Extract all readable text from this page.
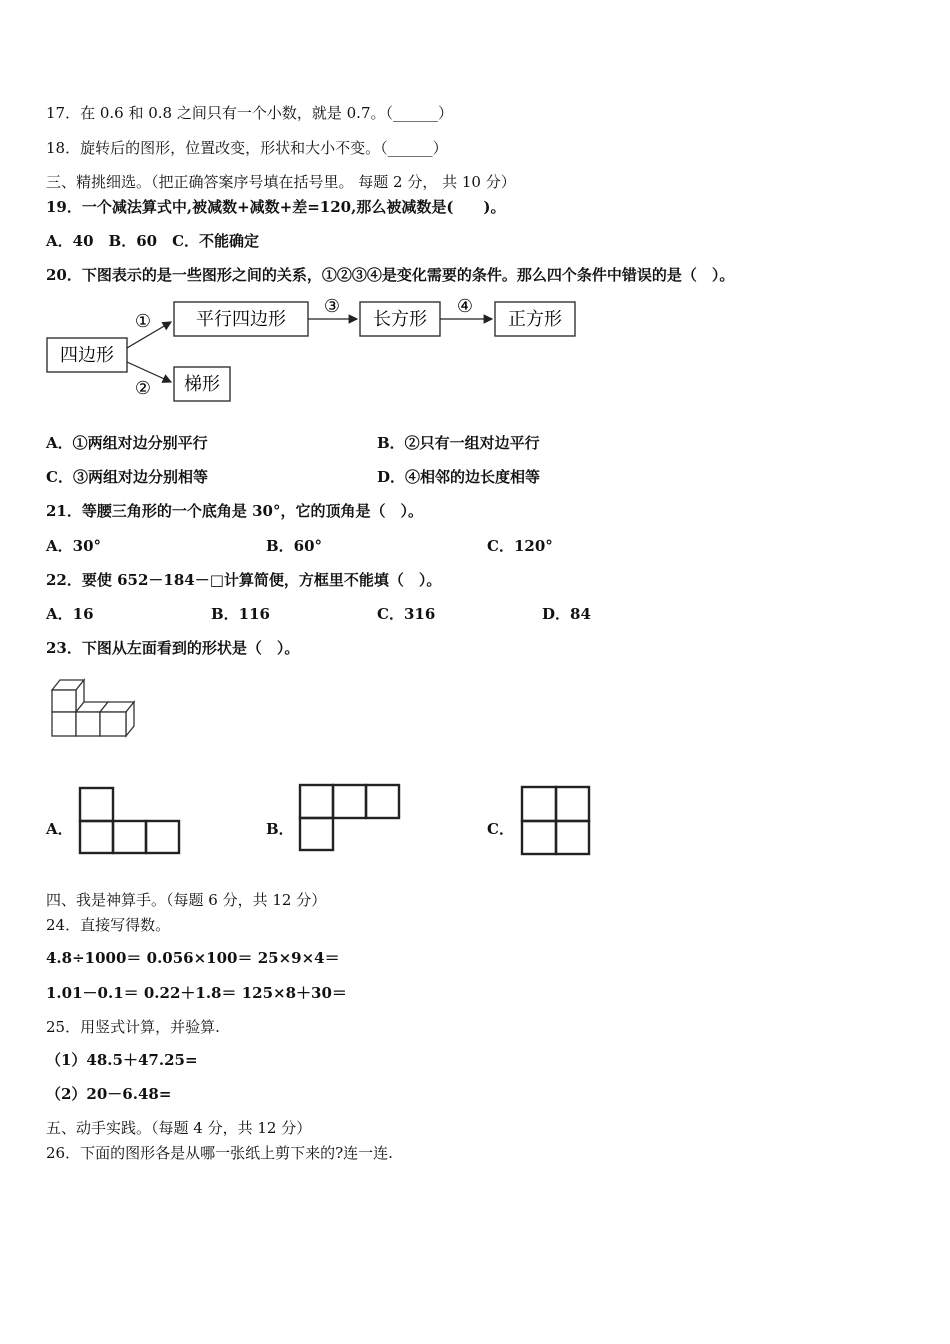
17．在 0.6 和 0.8 之间只有一个小数，就是 0.7。（______）
18．旋转后的图形，位置改变，形状和大小不变。（______）
三、精挑细选。（把正确答案序号填在括号里。 每题 2 分， 共 10 分）
19．一个减法算式中,被减数+减数+差=120,那么被减数是(　　)。
A．40　B．60　C．不能确定
20．下图表示的是一些图形之间的关系，①②③④是变化需要的条件。那么四个条件中错误的是（　）。
四边形
平行四边形	长方形	正方形
梯形
①
②
③	④
A．①两组对边分别平行	B．②只有一组对边平行
C．③两组对边分别相等	D．④相邻的边长度相等
21．等腰三角形的一个底角是 30°，它的顶角是（　）。
A．30°	B．60°	C．120°
22．要使 652－184－□计算简便，方框里不能填（　）。
A．16	B．116	C．316	D．84
23．下图从左面看到的形状是（　）。
A．	B．	C．
四、我是神算手。（每题 6 分，共 12 分）
24．直接写得数。
4.8÷1000＝ 0.056×100＝ 25×9×4＝
1.01－0.1＝ 0.22＋1.8＝ 125×8＋30＝
25．用竖式计算，并验算.
（1）48.5＋47.25=
（2）20－6.48=
五、动手实践。（每题 4 分，共 12 分）
26．下面的图形各是从哪一张纸上剪下来的?连一连.
